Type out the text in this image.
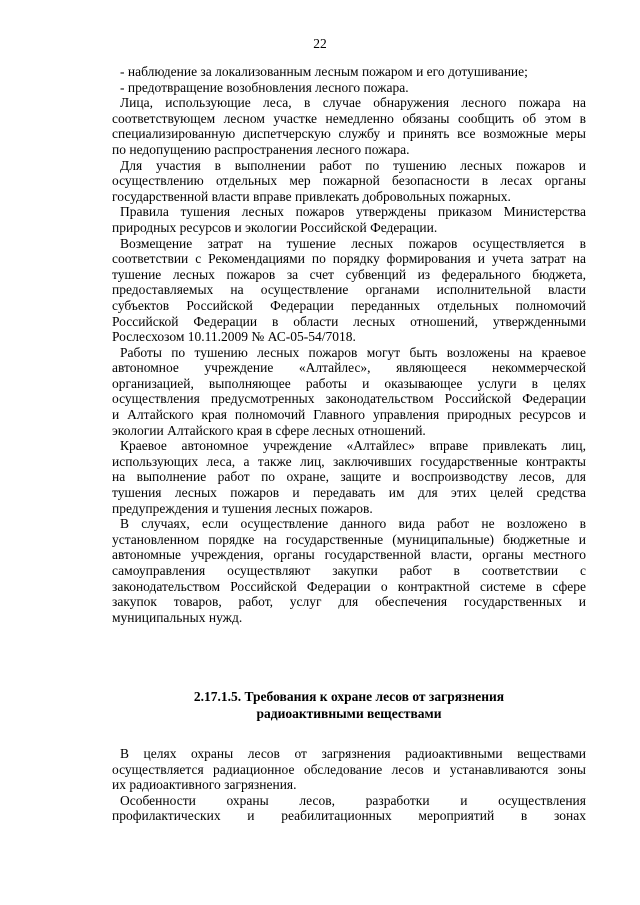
22
- наблюдение за локализованным лесным пожаром и его дотушивание;
- предотвращение возобновления лесного пожара.
Лица, использующие леса, в случае обнаружения лесного пожара на
соответствующем лесном участке немедленно обязаны сообщить об этом в
специализированную диспетчерскую службу и принять все возможные меры
по недопущению распространения лесного пожара.
Для участия в выполнении работ по тушению лесных пожаров и
осуществлению отдельных мер пожарной безопасности в лесах органы
государственной власти вправе привлекать добровольных пожарных.
Правила тушения лесных пожаров утверждены приказом Министерства
природных ресурсов и экологии Российской Федерации.
Возмещение затрат на тушение лесных пожаров осуществляется в
соответствии с Рекомендациями по порядку формирования и учета затрат на
тушение лесных пожаров за счет субвенций из федерального бюджета,
предоставляемых на осуществление органами исполнительной власти
субъектов Российской Федерации переданных отдельных полномочий
Российской Федерации в области лесных отношений, утвержденными
Рослесхозом 10.11.2009 № АС-05-54/7018.
Работы по тушению лесных пожаров могут быть возложены на краевое
автономное учреждение «Алтайлес», являющееся некоммерческой
организацией, выполняющее работы и оказывающее услуги в целях
осуществления предусмотренных законодательством Российской Федерации
и Алтайского края полномочий Главного управления природных ресурсов и
экологии Алтайского края в сфере лесных отношений.
Краевое автономное учреждение «Алтайлес» вправе привлекать лиц,
использующих леса, а также лиц, заключивших государственные контракты
на выполнение работ по охране, защите и воспроизводству лесов, для
тушения лесных пожаров и передавать им для этих целей средства
предупреждения и тушения лесных пожаров.
В случаях, если осуществление данного вида работ не возложено в
установленном порядке на государственные (муниципальные) бюджетные и
автономные учреждения, органы государственной власти, органы местного
самоуправления осуществляют закупки работ в соответствии с
законодательством Российской Федерации о контрактной системе в сфере
закупок товаров, работ, услуг для обеспечения государственных и
муниципальных нужд.
2.17.1.5. Требования к охране лесов от загрязнения
радиоактивными веществами
В целях охраны лесов от загрязнения радиоактивными веществами
осуществляется радиационное обследование лесов и устанавливаются зоны
их радиоактивного загрязнения.
Особенности охраны лесов, разработки и осуществления
профилактических и реабилитационных мероприятий в зонах
